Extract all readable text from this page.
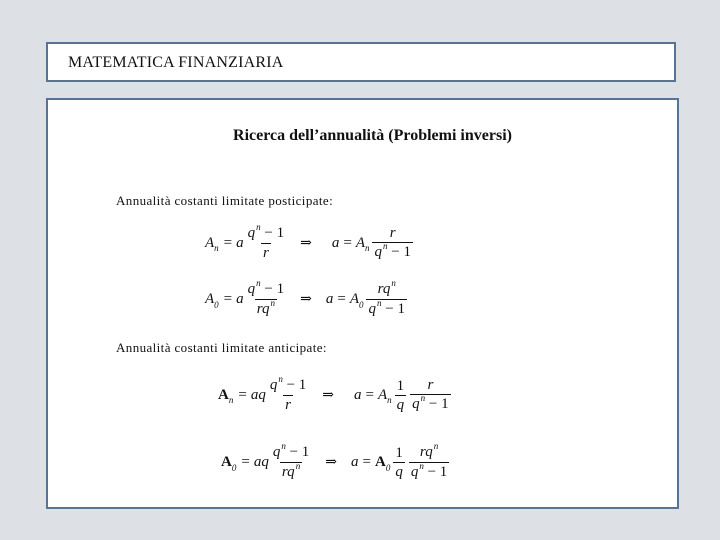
MATEMATICA FINANZIARIA
Ricerca dell’annualità (Problemi inversi)
Annualità costanti limitate posticipate:
A n = a $\frac{q^n - 1}{r}$ ⇒ a = A n $\frac{r}{q^n - 1}$
A 0 = a $\frac{q^n - 1}{rq^n}$ ⇒ a = A $0 \frac{rq^n}{q^n - 1}$
Annualità costanti limitate anticipate:
A n = aq $\frac{q^n - 1}{r}$ ⇒ a = A n $\frac{1}{q} \frac{r}{q^n - 1}$
A 0 = aq $\frac{q^n - 1}{rq^n}$ ⇒ a = A $0 \frac{1}{q} \frac{rq^n}{q^n - 1}$
